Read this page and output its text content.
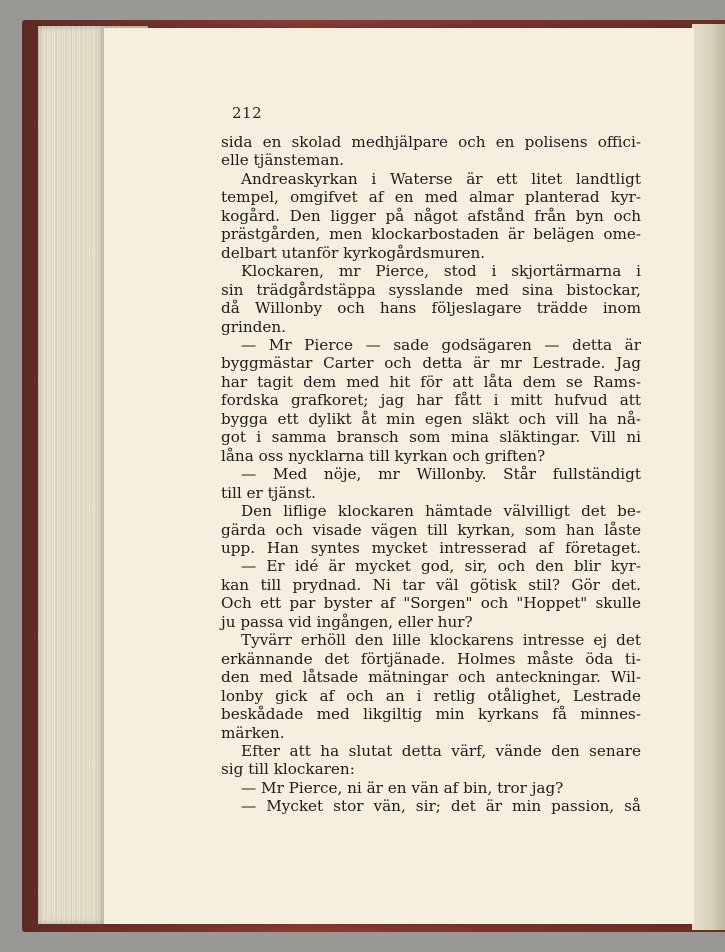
212
sida en skolad medhjälpare och en polisens offici-
elle tjänsteman.
Andreaskyrkan i Waterse är ett litet landtligt
tempel, omgifvet af en med almar planterad kyr-
kogård. Den ligger på något afstånd från byn och
prästgården, men klockarbostaden är belägen ome-
delbart utanför kyrkogårdsmuren.
Klockaren, mr Pierce, stod i skjortärmarna i
sin trädgårdstäppa sysslande med sina bistockar,
då Willonby och hans följeslagare trädde inom
grinden.
— Mr Pierce — sade godsägaren — detta är
byggmästar Carter och detta är mr Lestrade. Jag
har tagit dem med hit för att låta dem se Rams-
fordska grafkoret; jag har fått i mitt hufvud att
bygga ett dylikt åt min egen släkt och vill ha nå-
got i samma bransch som mina släktingar. Vill ni
låna oss nycklarna till kyrkan och griften?
— Med nöje, mr Willonby. Står fullständigt
till er tjänst.
Den liflige klockaren hämtade välvilligt det be-
gärda och visade vägen till kyrkan, som han låste
upp. Han syntes mycket intresserad af företaget.
— Er idé är mycket god, sir, och den blir kyr-
kan till prydnad. Ni tar väl götisk stil? Gör det.
Och ett par byster af "Sorgen" och "Hoppet" skulle
ju passa vid ingången, eller hur?
Tyvärr erhöll den lille klockarens intresse ej det
erkännande det förtjänade. Holmes måste öda ti-
den med låtsade mätningar och anteckningar. Wil-
lonby gick af och an i retlig otålighet, Lestrade
beskådade med likgiltig min kyrkans få minnes-
märken.
Efter att ha slutat detta värf, vände den senare
sig till klockaren:
— Mr Pierce, ni är en vän af bin, tror jag?
— Mycket stor vän, sir; det är min passion, så
